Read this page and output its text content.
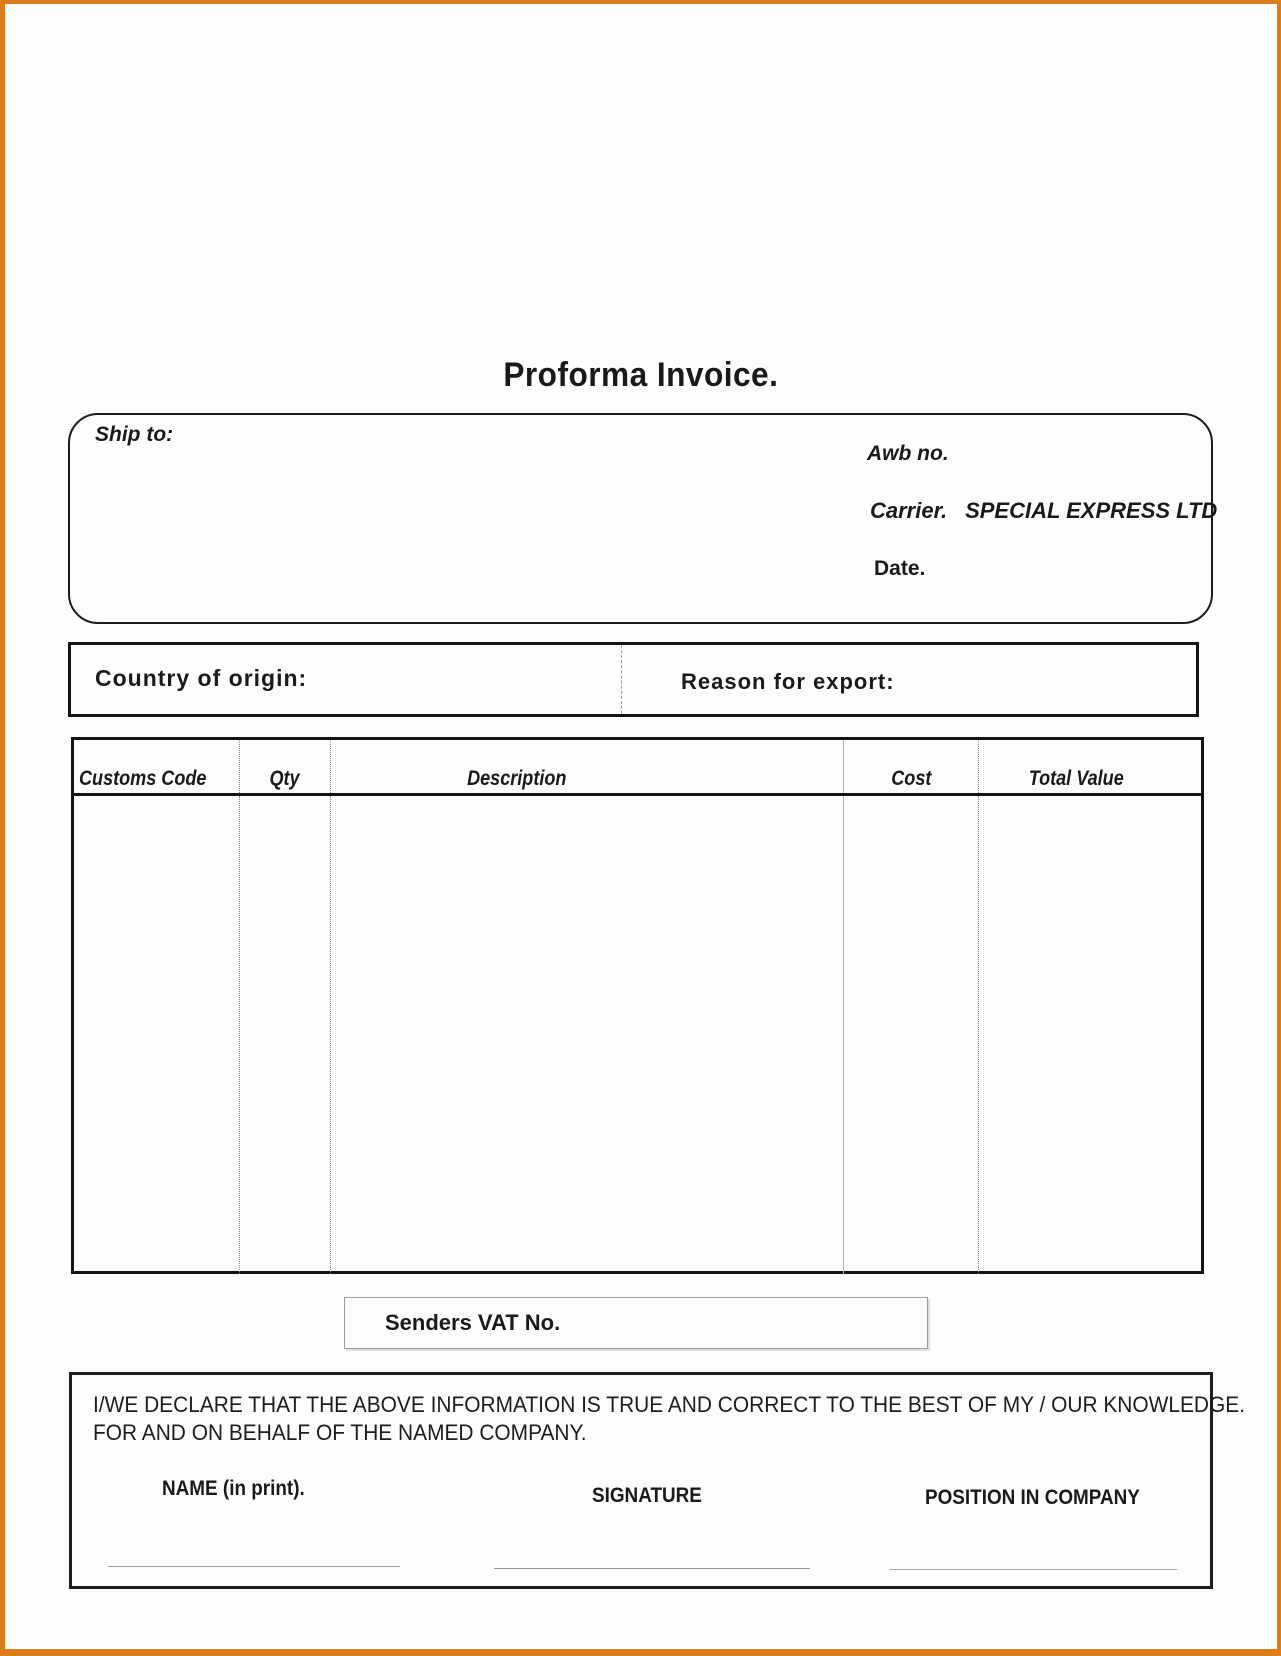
Proforma Invoice.
Ship to:
Awb no.
Carrier. SPECIAL EXPRESS LTD
Date.
Country of origin:	Reason for export:
Customs Code	Qty	Description	Cost	Total Value
Senders VAT No.
I/WE DECLARE THAT THE ABOVE INFORMATION IS TRUE AND CORRECT TO THE BEST OF MY / OUR KNOWLEDGE.
FOR AND ON BEHALF OF THE NAMED COMPANY.
NAME (in print).	SIGNATURE	POSITION IN COMPANY
